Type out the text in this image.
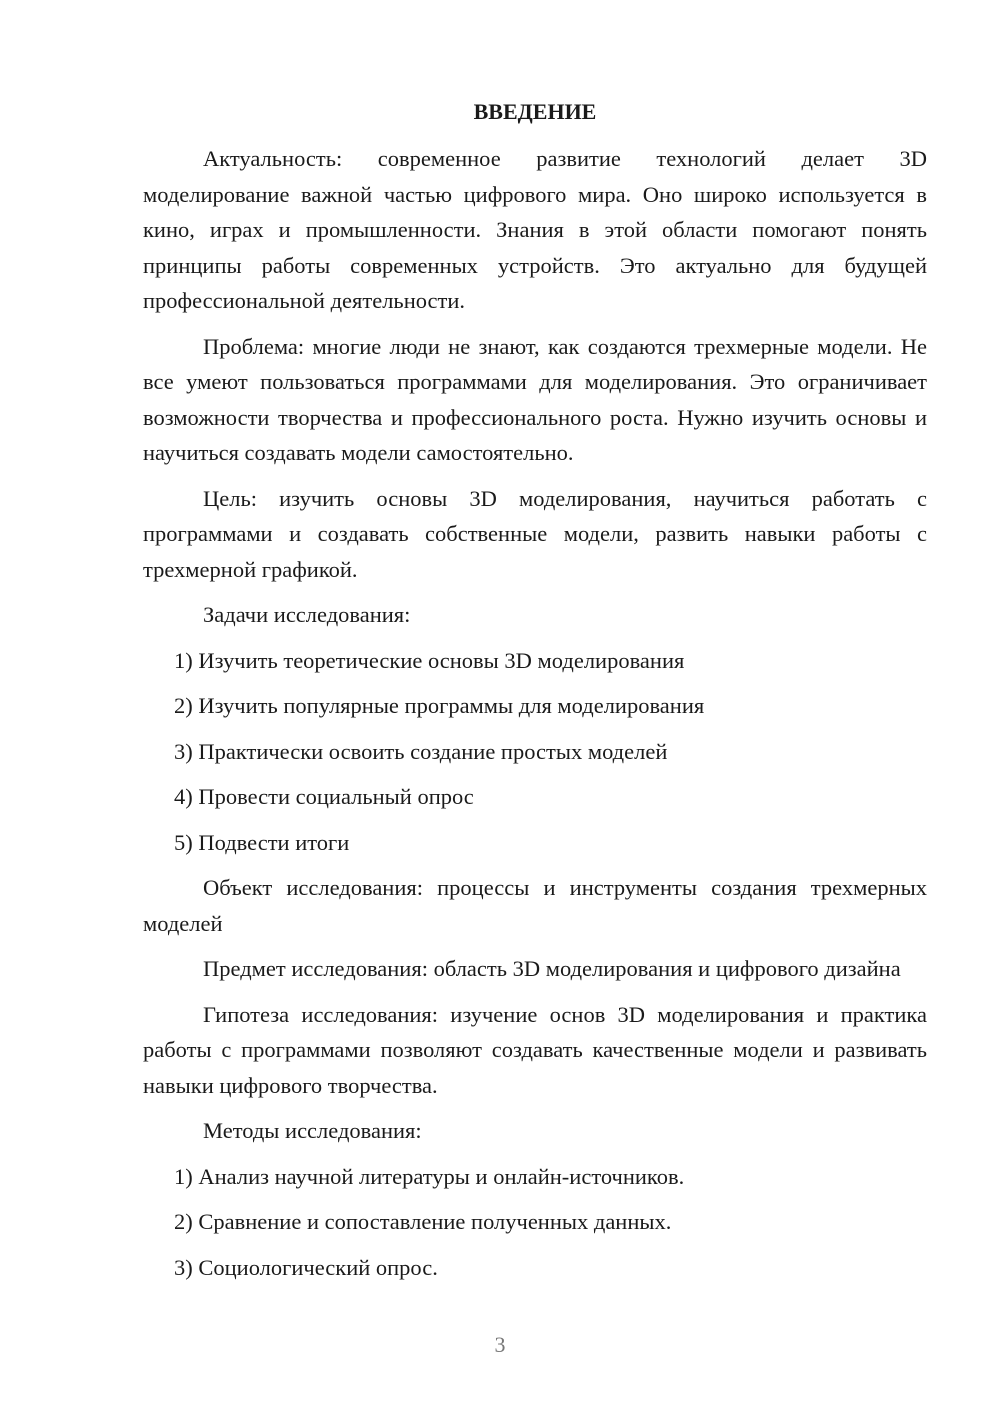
ВВЕДЕНИЕ

Актуальность: современное развитие технологий делает 3D моделирование важной частью цифрового мира. Оно широко используется в кино, играх и промышленности. Знания в этой области помогают понять принципы работы современных устройств. Это актуально для будущей профессиональной деятельности.

Проблема: многие люди не знают, как создаются трехмерные модели. Не все умеют пользоваться программами для моделирования. Это ограничивает возможности творчества и профессионального роста. Нужно изучить основы и научиться создавать модели самостоятельно.

Цель: изучить основы 3D моделирования, научиться работать с программами и создавать собственные модели, развить навыки работы с трехмерной графикой.

Задачи исследования:

1) Изучить теоретические основы 3D моделирования

2) Изучить популярные программы для моделирования

3) Практически освоить создание простых моделей

4) Провести социальный опрос

5) Подвести итоги

Объект исследования: процессы и инструменты создания трехмерных моделей

Предмет исследования: область 3D моделирования и цифрового дизайна

Гипотеза исследования: изучение основ 3D моделирования и практика работы с программами позволяют создавать качественные модели и развивать навыки цифрового творчества.

Методы исследования:

1) Анализ научной литературы и онлайн-источников.

2) Сравнение и сопоставление полученных данных.

3) Социологический опрос.

3
